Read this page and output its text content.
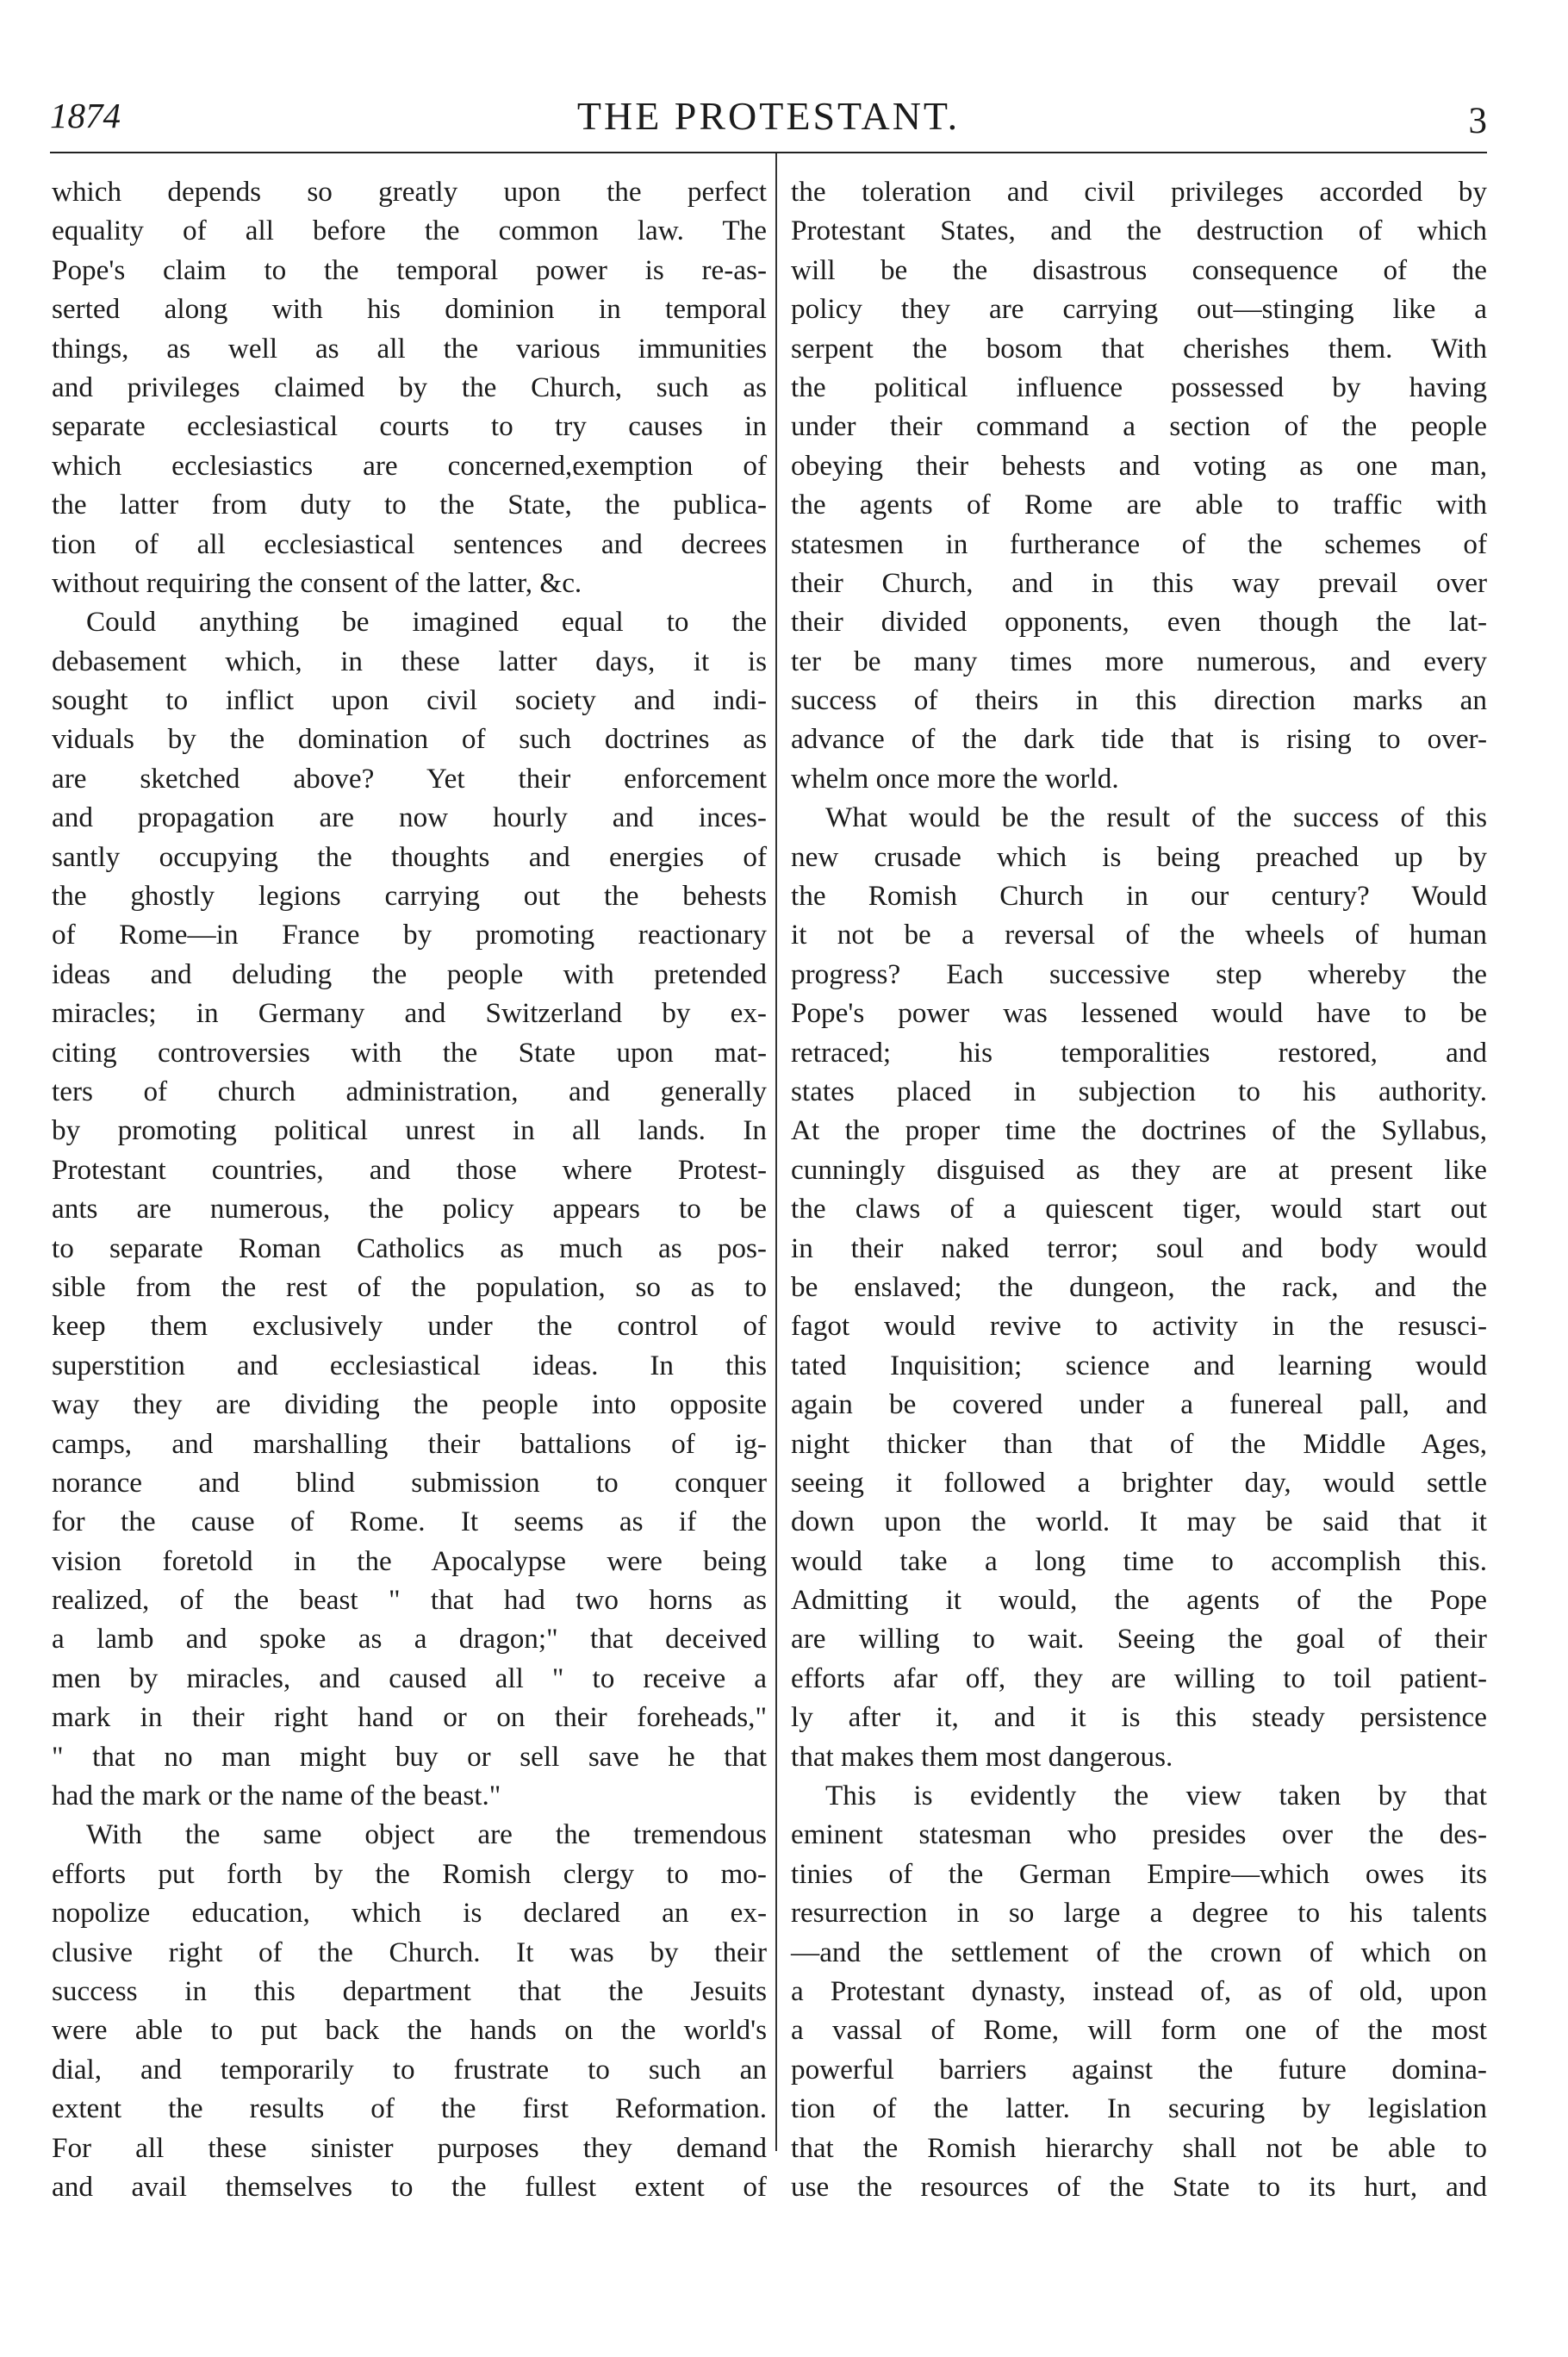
1874	THE PROTESTANT.	3
which depends so greatly upon the perfect
equality of all before the common law. The
Pope's claim to the temporal power is re-as-
serted along with his dominion in temporal
things, as well as all the various immunities
and privileges claimed by the Church, such as
separate ecclesiastical courts to try causes in
which ecclesiastics are concerned,exemption of
the latter from duty to the State, the publica-
tion of all ecclesiastical sentences and decrees
without requiring the consent of the latter, &c.
Could anything be imagined equal to the
debasement which, in these latter days, it is
sought to inflict upon civil society and indi-
viduals by the domination of such doctrines as
are sketched above? Yet their enforcement
and propagation are now hourly and inces-
santly occupying the thoughts and energies of
the ghostly legions carrying out the behests
of Rome—in France by promoting reactionary
ideas and deluding the people with pretended
miracles; in Germany and Switzerland by ex-
citing controversies with the State upon mat-
ters of church administration, and generally
by promoting political unrest in all lands. In
Protestant countries, and those where Protest-
ants are numerous, the policy appears to be
to separate Roman Catholics as much as pos-
sible from the rest of the population, so as to
keep them exclusively under the control of
superstition and ecclesiastical ideas. In this
way they are dividing the people into opposite
camps, and marshalling their battalions of ig-
norance and blind submission to conquer
for the cause of Rome. It seems as if the
vision foretold in the Apocalypse were being
realized, of the beast " that had two horns as
a lamb and spoke as a dragon;" that deceived
men by miracles, and caused all " to receive a
mark in their right hand or on their foreheads,"
" that no man might buy or sell save he that
had the mark or the name of the beast."
With the same object are the tremendous
efforts put forth by the Romish clergy to mo-
nopolize education, which is declared an ex-
clusive right of the Church. It was by their
success in this department that the Jesuits
were able to put back the hands on the world's
dial, and temporarily to frustrate to such an
extent the results of the first Reformation.
For all these sinister purposes they demand
and avail themselves to the fullest extent of
the toleration and civil privileges accorded by
Protestant States, and the destruction of which
will be the disastrous consequence of the
policy they are carrying out—stinging like a
serpent the bosom that cherishes them. With
the political influence possessed by having
under their command a section of the people
obeying their behests and voting as one man,
the agents of Rome are able to traffic with
statesmen in furtherance of the schemes of
their Church, and in this way prevail over
their divided opponents, even though the lat-
ter be many times more numerous, and every
success of theirs in this direction marks an
advance of the dark tide that is rising to over-
whelm once more the world.
What would be the result of the success of this
new crusade which is being preached up by
the Romish Church in our century? Would
it not be a reversal of the wheels of human
progress? Each successive step whereby the
Pope's power was lessened would have to be
retraced; his temporalities restored, and
states placed in subjection to his authority.
At the proper time the doctrines of the Syllabus,
cunningly disguised as they are at present like
the claws of a quiescent tiger, would start out
in their naked terror; soul and body would
be enslaved; the dungeon, the rack, and the
fagot would revive to activity in the resusci-
tated Inquisition; science and learning would
again be covered under a funereal pall, and
night thicker than that of the Middle Ages,
seeing it followed a brighter day, would settle
down upon the world. It may be said that it
would take a long time to accomplish this.
Admitting it would, the agents of the Pope
are willing to wait. Seeing the goal of their
efforts afar off, they are willing to toil patient-
ly after it, and it is this steady persistence
that makes them most dangerous.
This is evidently the view taken by that
eminent statesman who presides over the des-
tinies of the German Empire—which owes its
resurrection in so large a degree to his talents
—and the settlement of the crown of which on
a Protestant dynasty, instead of, as of old, upon
a vassal of Rome, will form one of the most
powerful barriers against the future domina-
tion of the latter. In securing by legislation
that the Romish hierarchy shall not be able to
use the resources of the State to its hurt, and
